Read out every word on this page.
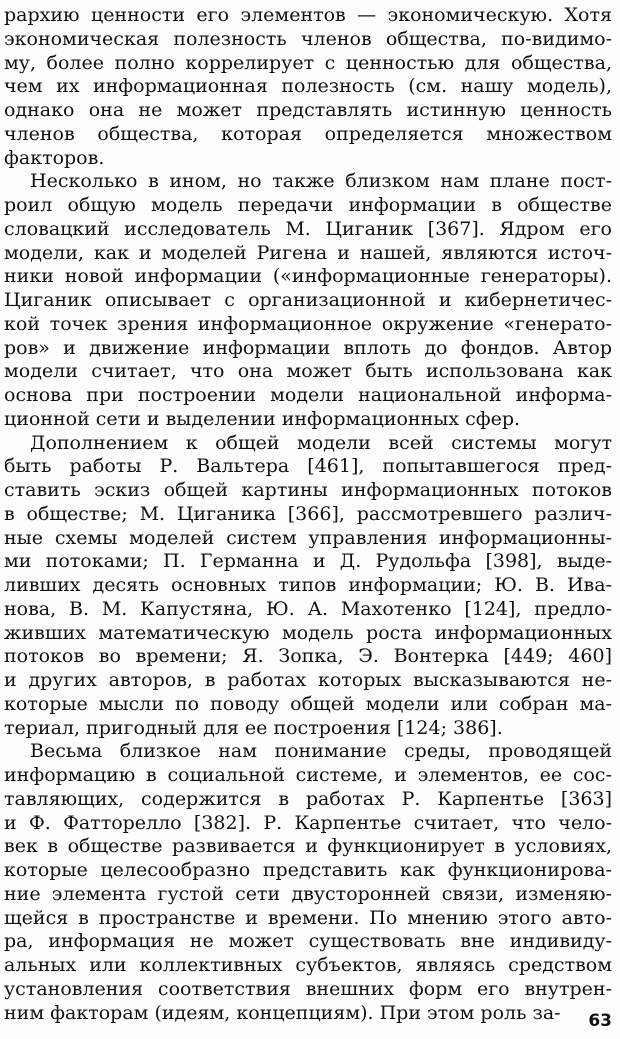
рархию ценности его элементов — экономическую. Хотя
экономическая полезность членов общества, по-видимо-
му, более полно коррелирует с ценностью для общества,
чем их информационная полезность (см. нашу модель),
однако она не может представлять истинную ценность
членов общества, которая определяется множеством
факторов.
Несколько в ином, но также близком нам плане пост-
роил общую модель передачи информации в обществе
словацкий исследователь М. Циганик [367]. Ядром его
модели, как и моделей Ригена и нашей, являются источ-
ники новой информации («информационные генераторы).
Циганик описывает с организационной и кибернетичес-
кой точек зрения информационное окружение «генерато-
ров» и движение информации вплоть до фондов. Автор
модели считает, что она может быть использована как
основа при построении модели национальной информа-
ционной сети и выделении информационных сфер.
Дополнением к общей модели всей системы могут
быть работы Р. Вальтера [461], попытавшегося пред-
ставить эскиз общей картины информационных потоков
в обществе; М. Циганика [366], рассмотревшего различ-
ные схемы моделей систем управления информационны-
ми потоками; П. Германна и Д. Рудольфа [398], выде-
ливших десять основных типов информации; Ю. В. Ива-
нова, В. М. Капустяна, Ю. А. Махотенко [124], предло-
живших математическую модель роста информационных
потоков во времени; Я. Зопка, Э. Вонтерка [449; 460]
и других авторов, в работах которых высказываются не-
которые мысли по поводу общей модели или собран ма-
териал, пригодный для ее построения [124; 386].
Весьма близкое нам понимание среды, проводящей
информацию в социальной системе, и элементов, ее сос-
тавляющих, содержится в работах Р. Карпентье [363]
и Ф. Фатторелло [382]. Р. Карпентье считает, что чело-
век в обществе развивается и функционирует в условиях,
которые целесообразно представить как функционирова-
ние элемента густой сети двусторонней связи, изменяю-
щейся в пространстве и времени. По мнению этого авто-
ра, информация не может существовать вне индивиду-
альных или коллективных субъектов, являясь средством
установления соответствия внешних форм его внутрен-
ним факторам (идеям, концепциям). При этом роль за- 63
